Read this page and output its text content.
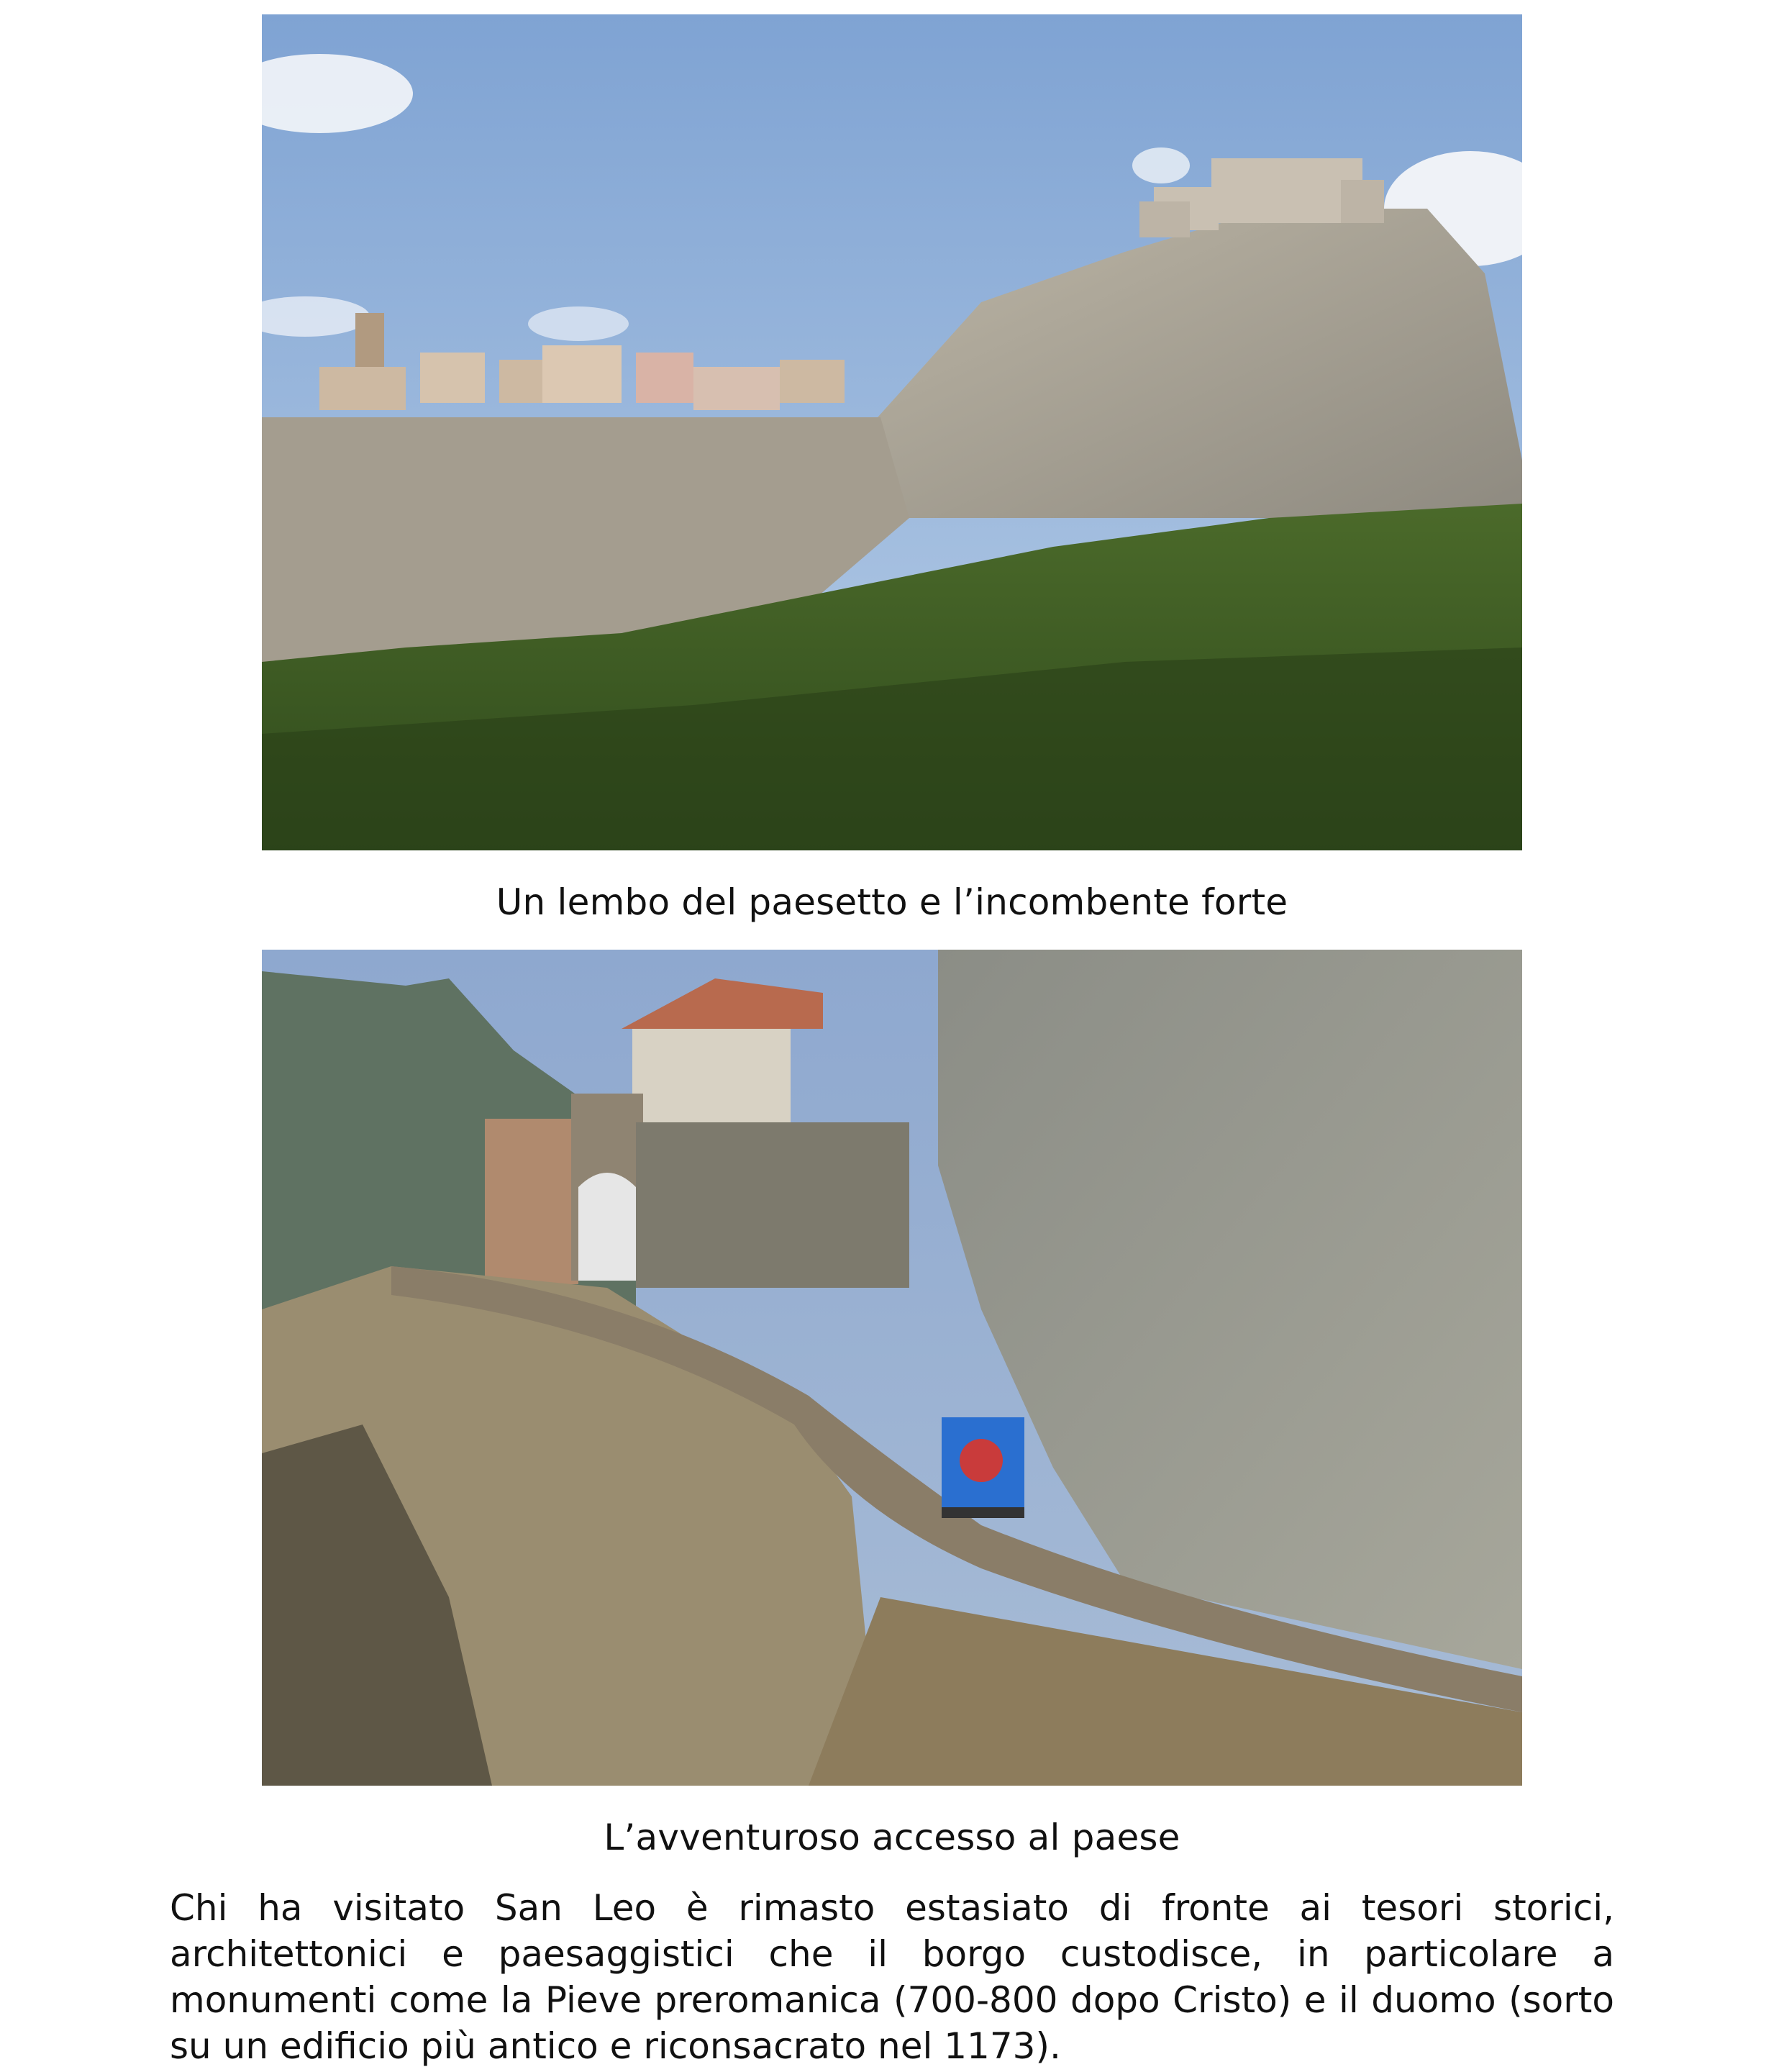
Un lembo del paesetto e l’incombente forte
L’avventuroso accesso al paese

Chi ha visitato San Leo è rimasto estasiato di fronte ai tesori storici, architettonici e paesaggistici che il borgo custodisce, in particolare a monumenti come la Pieve preromanica (700-800 dopo Cristo) e il duomo (sorto su un edificio più antico e riconsacrato nel 1173).
